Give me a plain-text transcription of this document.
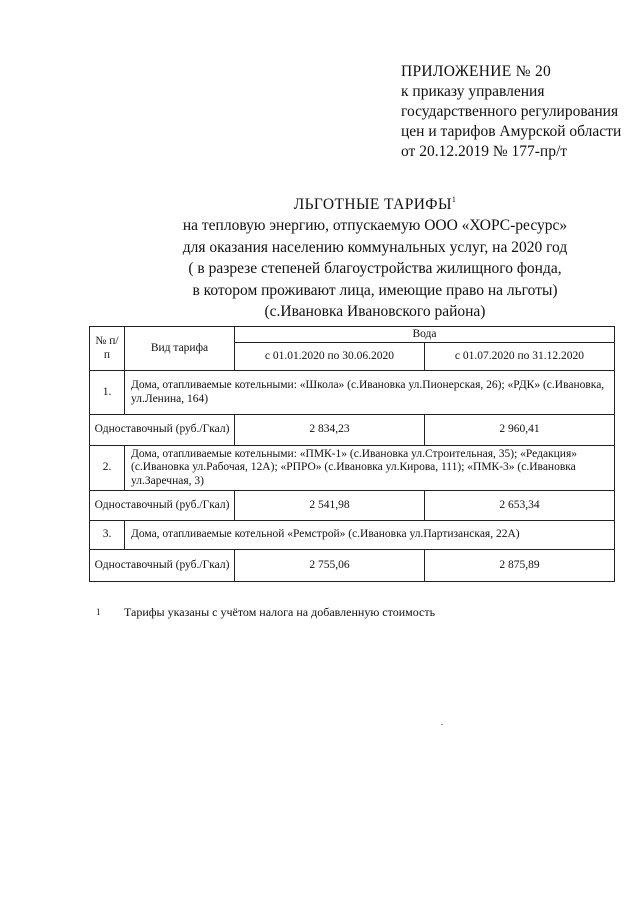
ПРИЛОЖЕНИЕ № 20
к приказу управления
государственного регулирования
цен и тарифов Амурской области
от 20.12.2019 № 177-пр/т
ЛЬГОТНЫЕ ТАРИФЫ$^1$
на тепловую энергию, отпускаемую ООО «ХОРС-ресурс»
для оказания населению коммунальных услуг, на 2020 год
( в разрезе степеней благоустройства жилищного фонда,
в котором проживают лица, имеющие право на льготы)
(с.Ивановка Ивановского района)
№ п/п	Вид тарифа	Вода	
		с 01.01.2020 по 30.06.2020	с 01.07.2020 по 31.12.2020
1.	Дома, отапливаемые котельными: «Школа» (с.Ивановка ул.Пионерская, 26); «РДК» (с.Ивановка, ул.Ленина, 164)		
Одноставочный (руб./Гкал)		2 834,23	2 960,41
2.	Дома, отапливаемые котельными: «ПМК-1» (с.Ивановка ул.Строительная, 35); «Редакция» (с.Ивановка ул.Рабочая, 12А); «РПРО» (с.Ивановка ул.Кирова, 111); «ПМК-3» (с.Ивановка ул.Заречная, 3)		
Одноставочный (руб./Гкал)		2 541,98	2 653,34
3.	Дома, отапливаемые котельной «Ремстрой» (с.Ивановка ул.Партизанская, 22А)		
Одноставочный (руб./Гкал)		2 755,06	2 875,89
1 Тарифы указаны с учётом налога на добавленную стоимость
